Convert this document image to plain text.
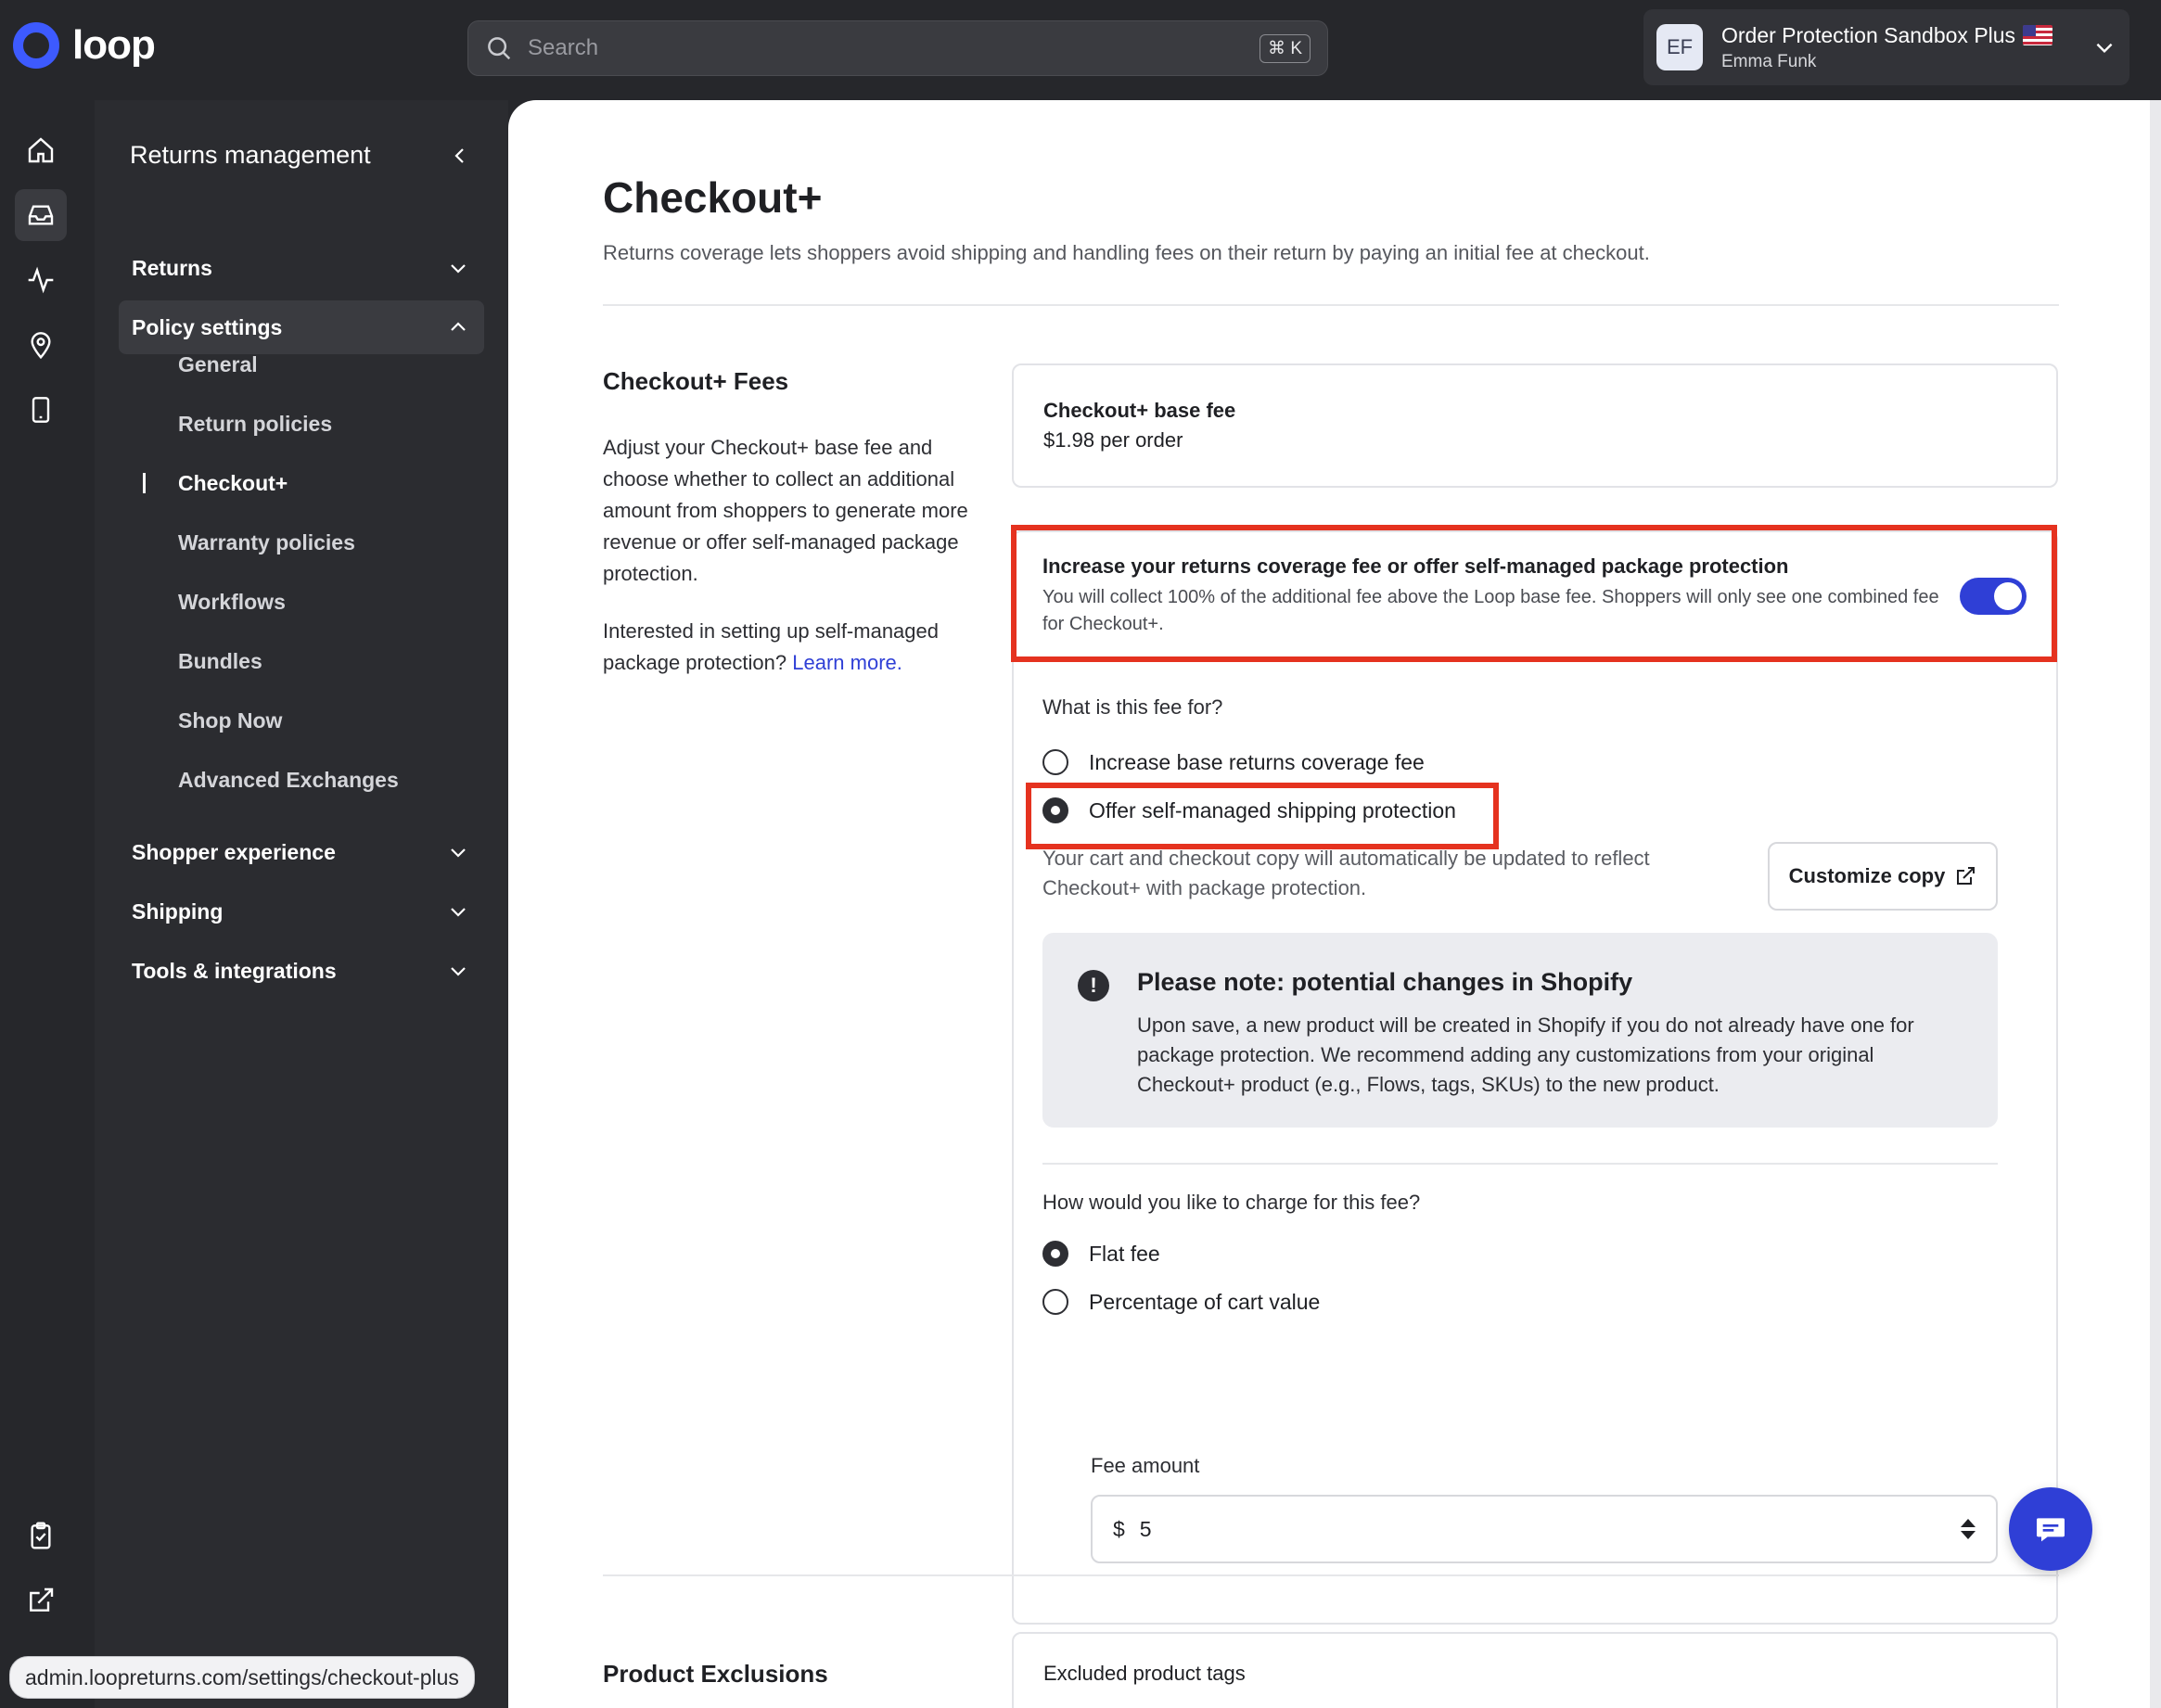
loop	Search	⌘ K	EF	Order Protection Sandbox Plus
Emma Funk
Returns management
Returns
Policy settings
General
Return policies
Checkout+
Warranty policies
Workflows
Bundles
Shop Now
Advanced Exchanges
Shopper experience
Shipping
Tools & integrations
Checkout+

Returns coverage lets shoppers avoid shipping and handling fees on their return by paying an initial fee at checkout.

Checkout+ Fees

Adjust your Checkout+ base fee and choose whether to collect an additional amount from shoppers to generate more revenue or offer self-managed package protection.

Interested in setting up self-managed package protection? Learn more.

Checkout+ base fee
$1.98 per order
Increase your returns coverage fee or offer self-managed package protection
You will collect 100% of the additional fee above the Loop base fee. Shoppers will only see one combined fee for Checkout+.
What is this fee for?
Increase base returns coverage fee
Offer self-managed shipping protection
Your cart and checkout copy will automatically be updated to reflect Checkout+ with package protection.
Customize copy
!	Please note: potential changes in Shopify
Upon save, a new product will be created in Shopify if you do not already have one for package protection. We recommend adding any customizations from your original Checkout+ product (e.g., Flows, tags, SKUs) to the new product.
How would you like to charge for this fee?
Flat fee
Percentage of cart value
Fee amount
$
5
Product Exclusions	Excluded product tags
admin.loopreturns.com/settings/checkout-plus
